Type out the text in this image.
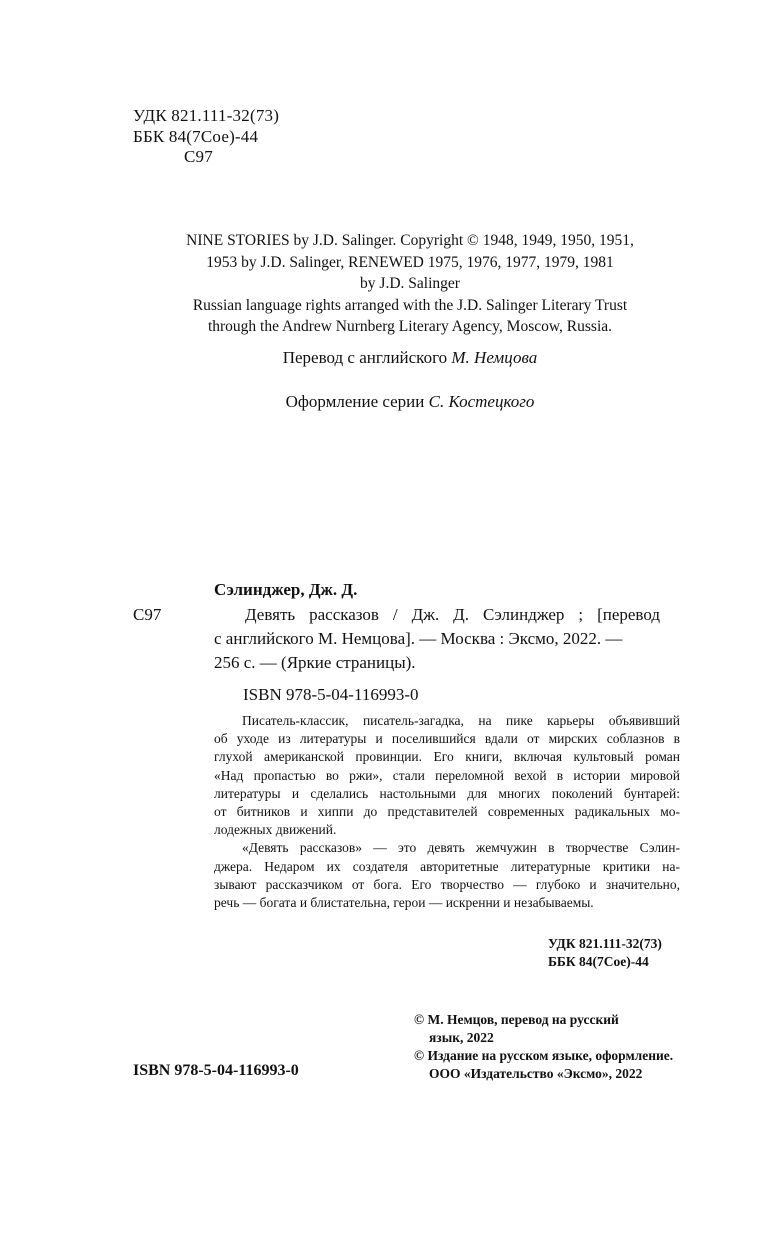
УДК 821.111-32(73)
ББК 84(7Сое)-44
С97
NINE STORIES by J.D. Salinger. Copyright © 1948, 1949, 1950, 1951,
1953 by J.D. Salinger, RENEWED 1975, 1976, 1977, 1979, 1981
by J.D. Salinger
Russian language rights arranged with the J.D. Salinger Literary Trust
through the Andrew Nurnberg Literary Agency, Moscow, Russia.
Перевод с английского М. Немцова
Оформление серии С. Костецкого
Сэлинджер, Дж. Д.
С97	Девять рассказов / Дж. Д. Сэлинджер ; [перевод
с английского М. Немцова]. — Москва : Эксмо, 2022. —
256 с. — (Яркие страницы).
ISBN 978-5-04-116993-0
Писатель-классик, писатель-загадка, на пике карьеры объявивший
об уходе из литературы и поселившийся вдали от мирских соблазнов в
глухой американской провинции. Его книги, включая культовый роман
«Над пропастью во ржи», стали переломной вехой в истории мировой
литературы и сделались настольными для многих поколений бунтарей:
от битников и хиппи до представителей современных радикальных мо-
лодежных движений.
«Девять рассказов» — это девять жемчужин в творчестве Сэлин-
джера. Недаром их создателя авторитетные литературные критики на-
зывают рассказчиком от бога. Его творчество — глубоко и значительно,
речь — богата и блистательна, герои — искренни и незабываемы.
УДК 821.111-32(73)
ББК 84(7Сое)-44
© М. Немцов, перевод на русский
язык, 2022
© Издание на русском языке, оформление.
ООО «Издательство «Эксмо», 2022
ISBN 978-5-04-116993-0
